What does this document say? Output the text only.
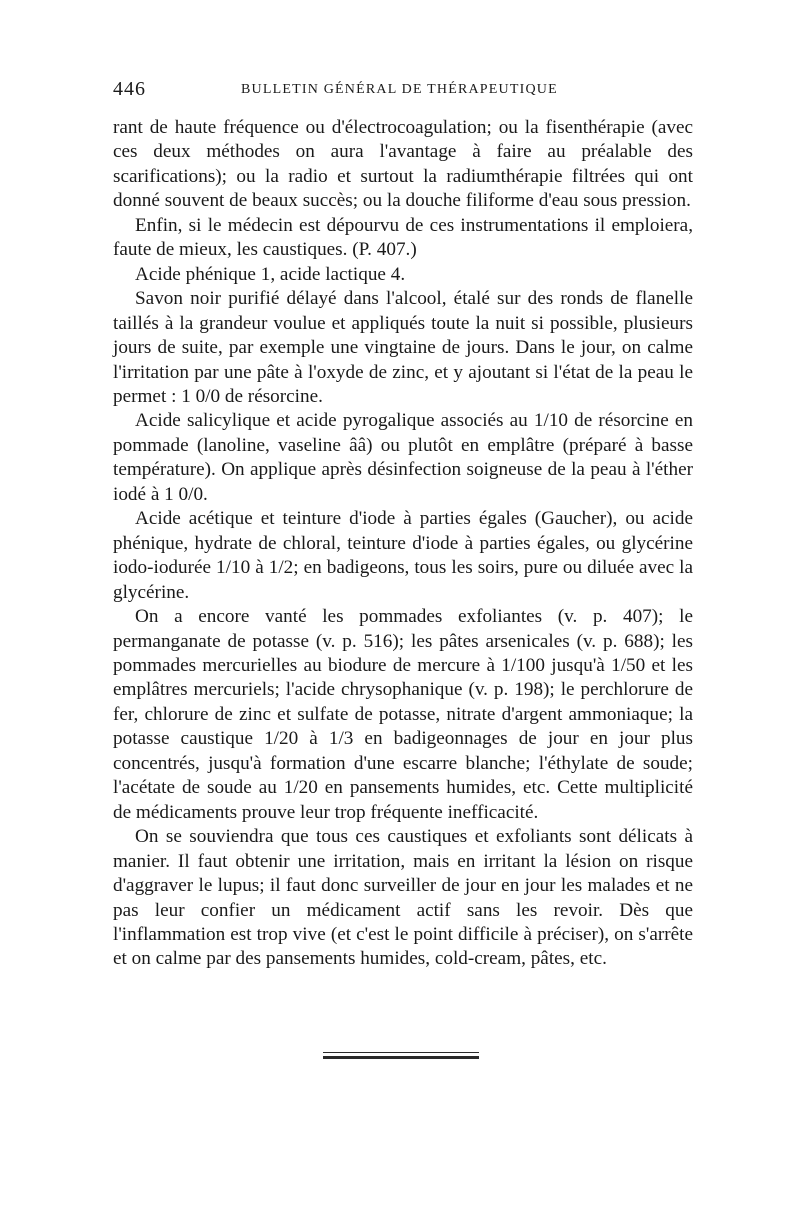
446	BULLETIN GÉNÉRAL DE THÉRAPEUTIQUE

rant de haute fréquence ou d'électrocoagulation; ou la fisenthérapie (avec ces deux méthodes on aura l'avantage à faire au préalable des scarifications); ou la radio et surtout la radiumthérapie filtrées qui ont donné souvent de beaux succès; ou la douche filiforme d'eau sous pression.

Enfin, si le médecin est dépourvu de ces instrumentations il emploiera, faute de mieux, les caustiques. (P. 407.)

Acide phénique 1, acide lactique 4.

Savon noir purifié délayé dans l'alcool, étalé sur des ronds de flanelle taillés à la grandeur voulue et appliqués toute la nuit si possible, plusieurs jours de suite, par exemple une vingtaine de jours. Dans le jour, on calme l'irritation par une pâte à l'oxyde de zinc, et y ajoutant si l'état de la peau le permet : 1 0/0 de résorcine.

Acide salicylique et acide pyrogalique associés au 1/10 de résorcine en pommade (lanoline, vaseline ââ) ou plutôt en emplâtre (préparé à basse température). On applique après désinfection soigneuse de la peau à l'éther iodé à 1 0/0.

Acide acétique et teinture d'iode à parties égales (Gaucher), ou acide phénique, hydrate de chloral, teinture d'iode à parties égales, ou glycérine iodo-iodurée 1/10 à 1/2; en badigeons, tous les soirs, pure ou diluée avec la glycérine.

On a encore vanté les pommades exfoliantes (v. p. 407); le permanganate de potasse (v. p. 516); les pâtes arsenicales (v. p. 688); les pommades mercurielles au biodure de mercure à 1/100 jusqu'à 1/50 et les emplâtres mercuriels; l'acide chrysophanique (v. p. 198); le perchlorure de fer, chlorure de zinc et sulfate de potasse, nitrate d'argent ammoniaque; la potasse caustique 1/20 à 1/3 en badigeonnages de jour en jour plus concentrés, jusqu'à formation d'une escarre blanche; l'éthylate de soude; l'acétate de soude au 1/20 en pansements humides, etc. Cette multiplicité de médicaments prouve leur trop fréquente inefficacité.

On se souviendra que tous ces caustiques et exfoliants sont délicats à manier. Il faut obtenir une irritation, mais en irritant la lésion on risque d'aggraver le lupus; il faut donc surveiller de jour en jour les malades et ne pas leur confier un médicament actif sans les revoir. Dès que l'inflammation est trop vive (et c'est le point difficile à préciser), on s'arrête et on calme par des pansements humides, cold-cream, pâtes, etc.
